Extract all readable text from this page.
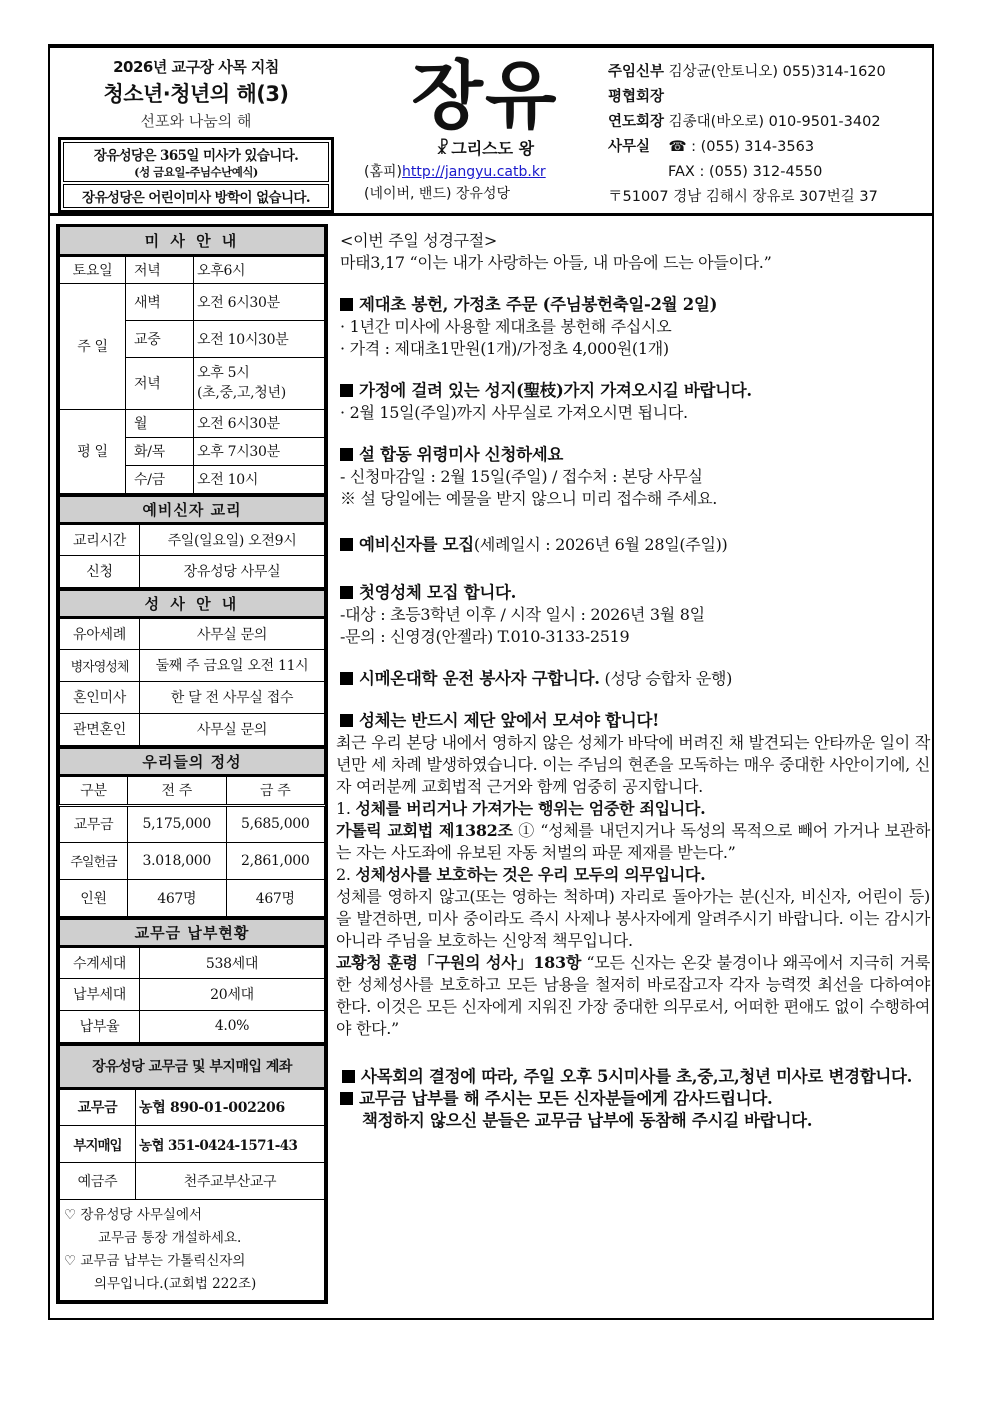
2026년 교구장 사목 지침
청소년·청년의 해(3)
선포와 나눔의 해
장유성당은 365일 미사가 있습니다.
(성 금요일-주님수난예식)
장유성당은 어린이미사 방학이 없습니다.
장유
☧ 그리스도 왕
(홈피)http://jangyu.catb.kr
(네이버, 밴드) 장유성당
주임신부 김상균(안토니오) 055)314-1620
평협회장
연도회장 김종대(바오로) 010-9501-3402
사무실 ☎ : (055) 314-3563
FAX : (055) 312-4550
〒51007 경남 김해시 장유로 307번길 37
미 사 안 내		
토요일	저녁	오후6시
주 일	새벽	오전 6시30분
	교중	오전 10시30분
	저녁	오후 5시
(초,중,고,청년)

평 일	월	오전 6시30분
	화/목	오후 7시30분
	수/금	오전 10시
예비신자 교리	
교리시간	주일(일요일) 오전9시
신청	장유성당 사무실
성 사 안 내	
유아세례	사무실 문의
병자영성체	둘째 주 금요일 오전 11시
혼인미사	한 달 전 사무실 접수
관면혼인	사무실 문의
우리들의 정성		
구분	전 주	금 주
교무금	5,175,000	5,685,000
주일헌금	3.018,000	2,861,000
인원	467명	467명
교무금 납부현황	
수계세대	538세대
납부세대	20세대
납부율	4.0%
장유성당 교무금 및 부지매입 계좌	
교무금	농협 890-01-002206
부지매입	농협 351-0424-1571-43
예금주	천주교부산교구
♡ 장유성당 사무실에서
교무금 통장 개설하세요.
♡ 교무금 납부는 가톨릭신자의
의무입니다.(교회법 222조)
<이번 주일 성경구절>
마태3,17 “이는 내가 사랑하는 아들, 내 마음에 드는 아들이다.”
제대초 봉헌, 가정초 주문 (주님봉헌축일-2월 2일)
· 1년간 미사에 사용할 제대초를 봉헌해 주십시오
· 가격 : 제대초1만원(1개)/가정초 4,000원(1개)
가정에 걸려 있는 성지(聖枝)가지 가져오시길 바랍니다.
· 2월 15일(주일)까지 사무실로 가져오시면 됩니다.
설 합동 위령미사 신청하세요
- 신청마감일 : 2월 15일(주일) / 접수처 : 본당 사무실
※ 설 당일에는 예물을 받지 않으니 미리 접수해 주세요.
예비신자를 모집(세례일시 : 2026년 6월 28일(주일))
첫영성체 모집 합니다.
-대상 : 초등3학년 이후 / 시작 일시 : 2026년 3월 8일
-문의 : 신영경(안젤라) T.010-3133-2519
시메온대학 운전 봉사자 구합니다. (성당 승합차 운행)
성체는 반드시 제단 앞에서 모셔야 합니다!
최근 우리 본당 내에서 영하지 않은 성체가 바닥에 버려진 채 발견되는 안타까운 일이 작년만 세 차례 발생하였습니다. 이는 주님의 현존을 모독하는 매우 중대한 사안이기에, 신자 여러분께 교회법적 근거와 함께 엄중히 공지합니다.
1. 성체를 버리거나 가져가는 행위는 엄중한 죄입니다.
가톨릭 교회법 제1382조 ① “성체를 내던지거나 독성의 목적으로 빼어 가거나 보관하는 자는 사도좌에 유보된 자동 처벌의 파문 제재를 받는다.”
2. 성체성사를 보호하는 것은 우리 모두의 의무입니다.
성체를 영하지 않고(또는 영하는 척하며) 자리로 돌아가는 분(신자, 비신자, 어린이 등)을 발견하면, 미사 중이라도 즉시 사제나 봉사자에게 알려주시기 바랍니다. 이는 감시가 아니라 주님을 보호하는 신앙적 책무입니다.
교황청 훈령「구원의 성사」183항 “모든 신자는 온갖 불경이나 왜곡에서 지극히 거룩한 성체성사를 보호하고 모든 남용을 철저히 바로잡고자 각자 능력껏 최선을 다하여야 한다. 이것은 모든 신자에게 지워진 가장 중대한 의무로서, 어떠한 편애도 없이 수행하여야 한다.”
사목회의 결정에 따라, 주일 오후 5시미사를 초,중,고,청년 미사로 변경합니다.
교무금 납부를 해 주시는 모든 신자분들에게 감사드립니다.
책정하지 않으신 분들은 교무금 납부에 동참해 주시길 바랍니다.
